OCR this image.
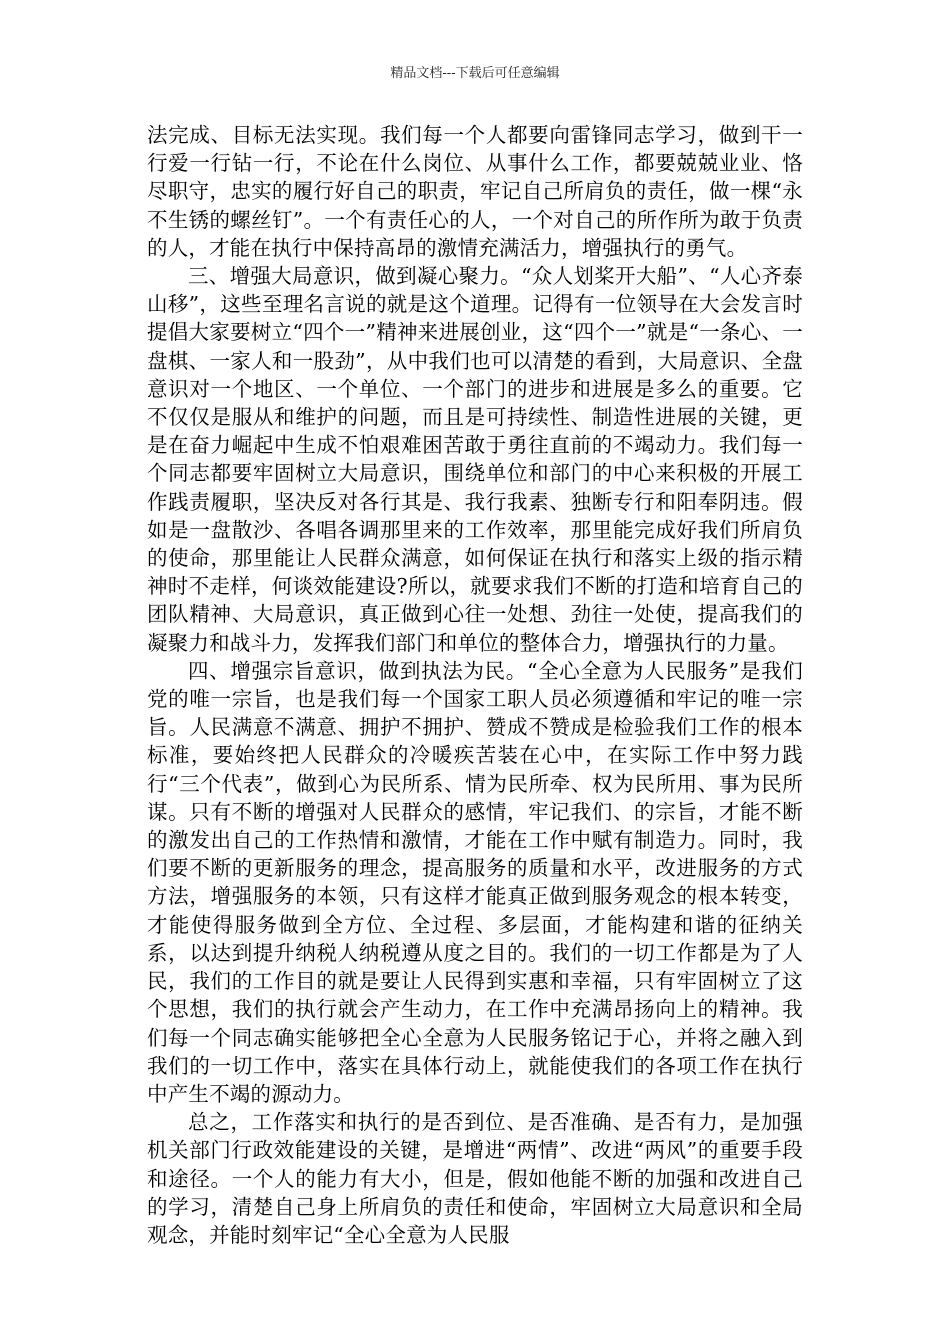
精品文档---下载后可任意编辑

法完成、目标无法实现。我们每一个人都要向雷锋同志学习，做到干一行爱一行钻一行，不论在什么岗位、从事什么工作，都要兢兢业业、恪尽职守，忠实的履行好自己的职责，牢记自己所肩负的责任，做一棵“永不生锈的螺丝钉”。一个有责任心的人，一个对自己的所作所为敢于负责的人，才能在执行中保持高昂的激情充满活力，增强执行的勇气。

三、增强大局意识，做到凝心聚力。“众人划桨开大船”、“人心齐泰山移”，这些至理名言说的就是这个道理。记得有一位领导在大会发言时提倡大家要树立“四个一”精神来进展创业，这“四个一”就是“一条心、一盘棋、一家人和一股劲”，从中我们也可以清楚的看到，大局意识、全盘意识对一个地区、一个单位、一个部门的进步和进展是多么的重要。它不仅仅是服从和维护的问题，而且是可持续性、制造性进展的关键，更是在奋力崛起中生成不怕艰难困苦敢于勇往直前的不竭动力。我们每一个同志都要牢固树立大局意识，围绕单位和部门的中心来积极的开展工作践责履职，坚决反对各行其是、我行我素、独断专行和阳奉阴违。假如是一盘散沙、各唱各调那里来的工作效率，那里能完成好我们所肩负的使命，那里能让人民群众满意，如何保证在执行和落实上级的指示精神时不走样，何谈效能建设?所以，就要求我们不断的打造和培育自己的团队精神、大局意识，真正做到心往一处想、劲往一处使，提高我们的凝聚力和战斗力，发挥我们部门和单位的整体合力，增强执行的力量。

四、增强宗旨意识，做到执法为民。“全心全意为人民服务”是我们党的唯一宗旨，也是我们每一个国家工职人员必须遵循和牢记的唯一宗旨。人民满意不满意、拥护不拥护、赞成不赞成是检验我们工作的根本标准，要始终把人民群众的冷暖疾苦装在心中，在实际工作中努力践行“三个代表”，做到心为民所系、情为民所牵、权为民所用、事为民所谋。只有不断的增强对人民群众的感情，牢记我们、的宗旨，才能不断的激发出自己的工作热情和激情，才能在工作中赋有制造力。同时，我们要不断的更新服务的理念，提高服务的质量和水平，改进服务的方式方法，增强服务的本领，只有这样才能真正做到服务观念的根本转变，才能使得服务做到全方位、全过程、多层面，才能构建和谐的征纳关系，以达到提升纳税人纳税遵从度之目的。我们的一切工作都是为了人民，我们的工作目的就是要让人民得到实惠和幸福，只有牢固树立了这个思想，我们的执行就会产生动力，在工作中充满昂扬向上的精神。我们每一个同志确实能够把全心全意为人民服务铭记于心，并将之融入到我们的一切工作中，落实在具体行动上，就能使我们的各项工作在执行中产生不竭的源动力。

总之，工作落实和执行的是否到位、是否准确、是否有力，是加强机关部门行政效能建设的关键，是增进“两情”、改进“两风”的重要手段和途径。一个人的能力有大小，但是，假如他能不断的加强和改进自己的学习，清楚自己身上所肩负的责任和使命，牢固树立大局意识和全局观念，并能时刻牢记“全心全意为人民服
